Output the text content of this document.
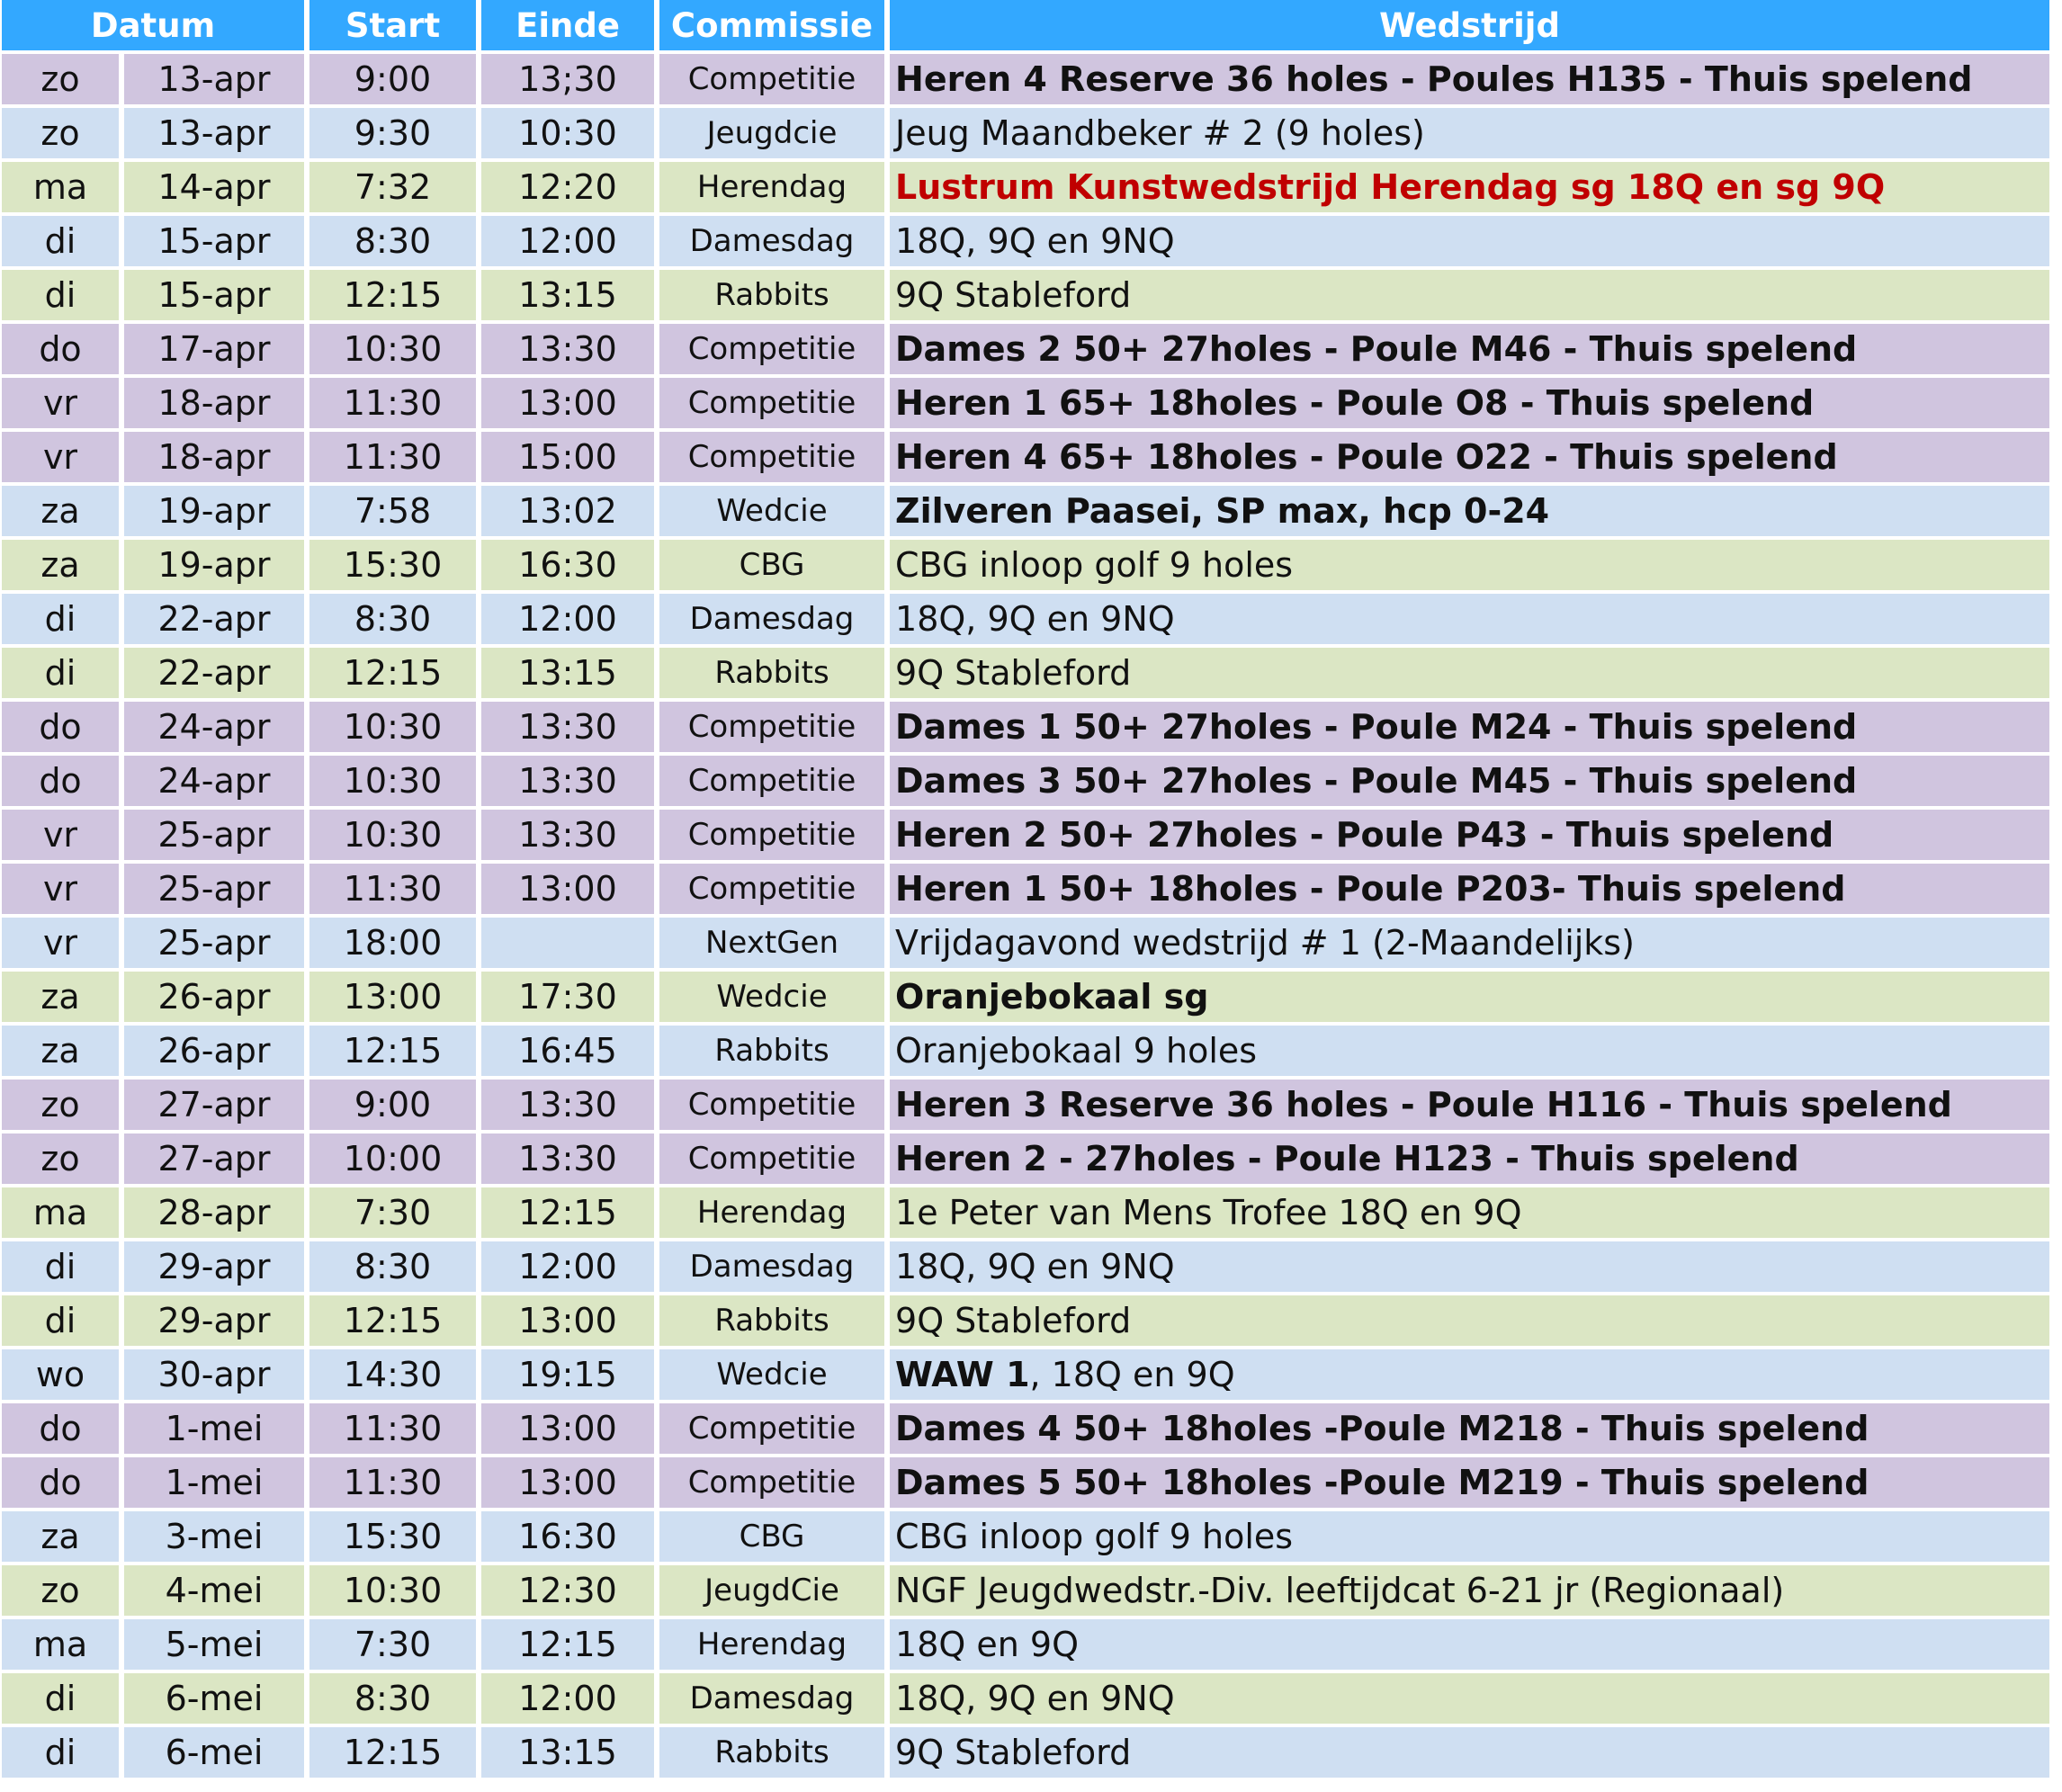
Datum		Start	Einde	Commissie	Wedstrijd
zo	13-apr	9:00	13;30	Competitie	Heren 4 Reserve 36 holes - Poules H135 - Thuis spelend
zo	13-apr	9:30	10:30	Jeugdcie	Jeug Maandbeker # 2 (9 holes)
ma	14-apr	7:32	12:20	Herendag	Lustrum Kunstwedstrijd Herendag sg 18Q en sg 9Q
di	15-apr	8:30	12:00	Damesdag	18Q, 9Q en 9NQ
di	15-apr	12:15	13:15	Rabbits	9Q Stableford
do	17-apr	10:30	13:30	Competitie	Dames 2 50+ 27holes - Poule M46 - Thuis spelend
vr	18-apr	11:30	13:00	Competitie	Heren 1 65+ 18holes - Poule O8 - Thuis spelend
vr	18-apr	11:30	15:00	Competitie	Heren 4 65+ 18holes - Poule O22 - Thuis spelend
za	19-apr	7:58	13:02	Wedcie	Zilveren Paasei, SP max, hcp 0-24
za	19-apr	15:30	16:30	CBG	CBG inloop golf 9 holes
di	22-apr	8:30	12:00	Damesdag	18Q, 9Q en 9NQ
di	22-apr	12:15	13:15	Rabbits	9Q Stableford
do	24-apr	10:30	13:30	Competitie	Dames 1 50+ 27holes - Poule M24 - Thuis spelend
do	24-apr	10:30	13:30	Competitie	Dames 3 50+ 27holes - Poule M45 - Thuis spelend
vr	25-apr	10:30	13:30	Competitie	Heren 2 50+ 27holes - Poule P43 - Thuis spelend
vr	25-apr	11:30	13:00	Competitie	Heren 1 50+ 18holes - Poule P203- Thuis spelend
vr	25-apr	18:00		NextGen	Vrijdagavond wedstrijd # 1 (2-Maandelijks)
za	26-apr	13:00	17:30	Wedcie	Oranjebokaal sg
za	26-apr	12:15	16:45	Rabbits	Oranjebokaal 9 holes
zo	27-apr	9:00	13:30	Competitie	Heren 3 Reserve 36 holes - Poule H116 - Thuis spelend
zo	27-apr	10:00	13:30	Competitie	Heren 2 - 27holes - Poule H123 - Thuis spelend
ma	28-apr	7:30	12:15	Herendag	1e Peter van Mens Trofee 18Q en 9Q
di	29-apr	8:30	12:00	Damesdag	18Q, 9Q en 9NQ
di	29-apr	12:15	13:00	Rabbits	9Q Stableford
wo	30-apr	14:30	19:15	Wedcie	WAW 1, 18Q en 9Q
do	1-mei	11:30	13:00	Competitie	Dames 4 50+ 18holes -Poule M218 - Thuis spelend
do	1-mei	11:30	13:00	Competitie	Dames 5 50+ 18holes -Poule M219 - Thuis spelend
za	3-mei	15:30	16:30	CBG	CBG inloop golf 9 holes
zo	4-mei	10:30	12:30	JeugdCie	NGF Jeugdwedstr.-Div. leeftijdcat 6-21 jr (Regionaal)
ma	5-mei	7:30	12:15	Herendag	18Q en 9Q
di	6-mei	8:30	12:00	Damesdag	18Q, 9Q en 9NQ
di	6-mei	12:15	13:15	Rabbits	9Q Stableford
